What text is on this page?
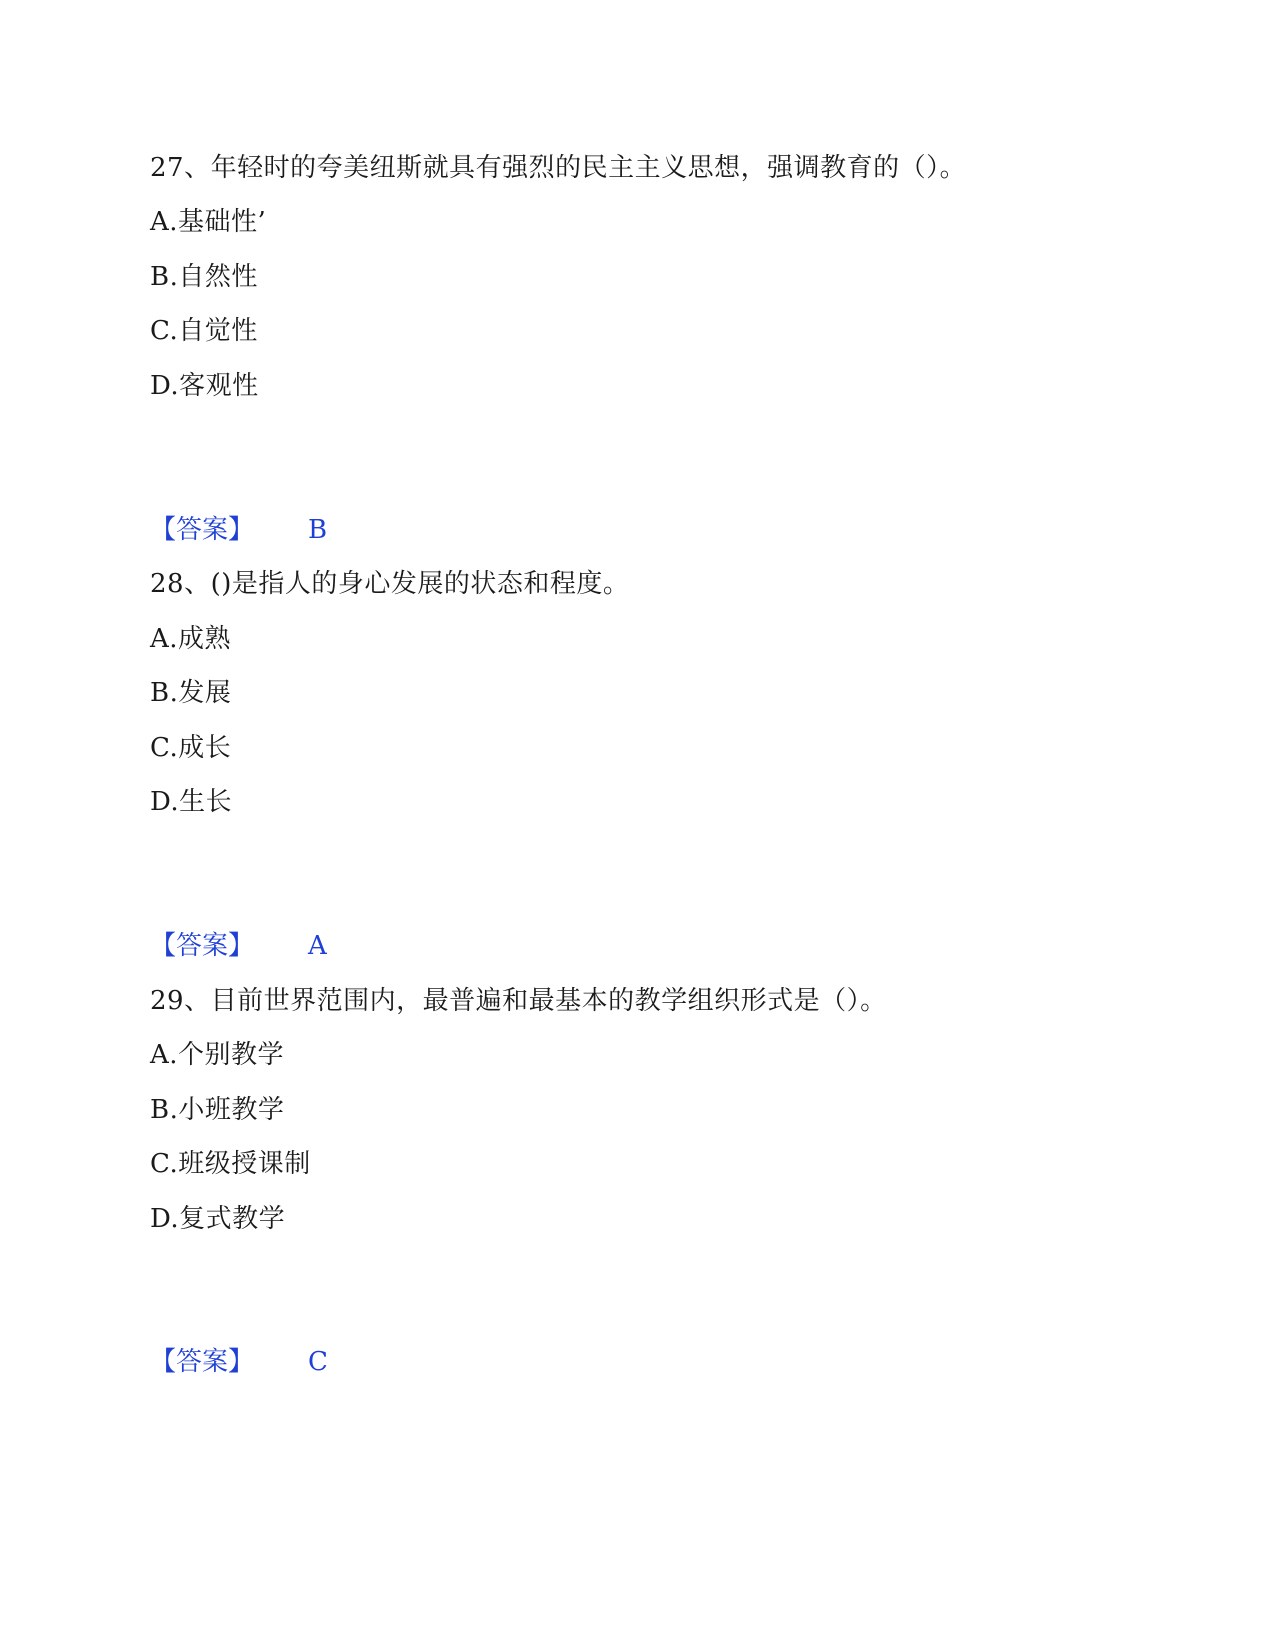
27、年轻时的夸美纽斯就具有强烈的民主主义思想，强调教育的（）。
A.基础性’
B.自然性
C.自觉性
D.客观性
【答案】 B
28、()是指人的身心发展的状态和程度。
A.成熟
B.发展
C.成长
D.生长
【答案】 A
29、目前世界范围内，最普遍和最基本的教学组织形式是（）。
A.个别教学
B.小班教学
C.班级授课制
D.复式教学
【答案】 C
